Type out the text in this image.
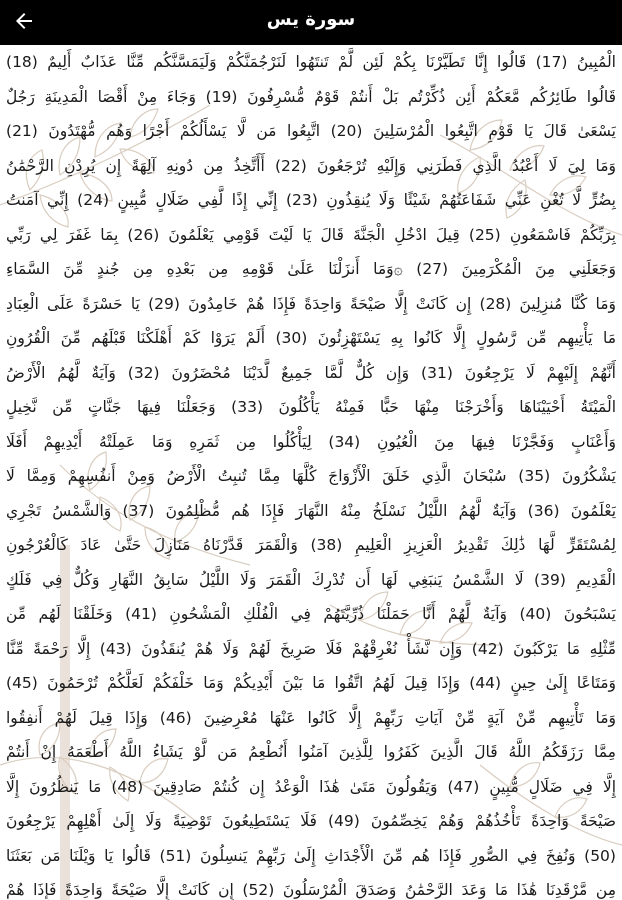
سورة يس
الْمُبِينُ (17) قَالُوا إِنَّا تَطَيَّرْنَا بِكُمْ لَئِن لَّمْ تَنتَهُوا لَنَرْجُمَنَّكُمْ وَلَيَمَسَّنَّكُم مِّنَّا عَذَابٌ أَلِيمٌ (18)
قَالُوا طَائِرُكُم مَّعَكُمْ أَئِن ذُكِّرْتُم بَلْ أَنتُمْ قَوْمٌ مُّسْرِفُونَ (19) وَجَاءَ مِنْ أَقْصَا الْمَدِينَةِ رَجُلٌ
يَسْعَىٰ قَالَ يَا قَوْمِ اتَّبِعُوا الْمُرْسَلِينَ (20) اتَّبِعُوا مَن لَّا يَسْأَلُكُمْ أَجْرًا وَهُم مُّهْتَدُونَ (21)
وَمَا لِيَ لَا أَعْبُدُ الَّذِي فَطَرَنِي وَإِلَيْهِ تُرْجَعُونَ (22) أَأَتَّخِذُ مِن دُونِهِ آلِهَةً إِن يُرِدْنِ الرَّحْمَٰنُ
بِضُرٍّ لَّا تُغْنِ عَنِّي شَفَاعَتُهُمْ شَيْئًا وَلَا يُنقِذُونِ (23) إِنِّي إِذًا لَّفِي ضَلَالٍ مُّبِينٍ (24) إِنِّي آمَنتُ
بِرَبِّكُمْ فَاسْمَعُونِ (25) قِيلَ ادْخُلِ الْجَنَّةَ قَالَ يَا لَيْتَ قَوْمِي يَعْلَمُونَ (26) بِمَا غَفَرَ لِي رَبِّي
وَجَعَلَنِي مِنَ الْمُكْرَمِينَ (27) ۞وَمَا أَنزَلْنَا عَلَىٰ قَوْمِهِ مِن بَعْدِهِ مِن جُندٍ مِّنَ السَّمَاءِ
وَمَا كُنَّا مُنزِلِينَ (28) إِن كَانَتْ إِلَّا صَيْحَةً وَاحِدَةً فَإِذَا هُمْ خَامِدُونَ (29) يَا حَسْرَةً عَلَى الْعِبَادِ
مَا يَأْتِيهِم مِّن رَّسُولٍ إِلَّا كَانُوا بِهِ يَسْتَهْزِئُونَ (30) أَلَمْ يَرَوْا كَمْ أَهْلَكْنَا قَبْلَهُم مِّنَ الْقُرُونِ
أَنَّهُمْ إِلَيْهِمْ لَا يَرْجِعُونَ (31) وَإِن كُلٌّ لَّمَّا جَمِيعٌ لَّدَيْنَا مُحْضَرُونَ (32) وَآيَةٌ لَّهُمُ الْأَرْضُ
الْمَيْتَةُ أَحْيَيْنَاهَا وَأَخْرَجْنَا مِنْهَا حَبًّا فَمِنْهُ يَأْكُلُونَ (33) وَجَعَلْنَا فِيهَا جَنَّاتٍ مِّن نَّخِيلٍ
وَأَعْنَابٍ وَفَجَّرْنَا فِيهَا مِنَ الْعُيُونِ (34) لِيَأْكُلُوا مِن ثَمَرِهِ وَمَا عَمِلَتْهُ أَيْدِيهِمْ أَفَلَا
يَشْكُرُونَ (35) سُبْحَانَ الَّذِي خَلَقَ الْأَزْوَاجَ كُلَّهَا مِمَّا تُنبِتُ الْأَرْضُ وَمِنْ أَنفُسِهِمْ وَمِمَّا لَا
يَعْلَمُونَ (36) وَآيَةٌ لَّهُمُ اللَّيْلُ نَسْلَخُ مِنْهُ النَّهَارَ فَإِذَا هُم مُّظْلِمُونَ (37) وَالشَّمْسُ تَجْرِي
لِمُسْتَقَرٍّ لَّهَا ذَٰلِكَ تَقْدِيرُ الْعَزِيزِ الْعَلِيمِ (38) وَالْقَمَرَ قَدَّرْنَاهُ مَنَازِلَ حَتَّىٰ عَادَ كَالْعُرْجُونِ
الْقَدِيمِ (39) لَا الشَّمْسُ يَنبَغِي لَهَا أَن تُدْرِكَ الْقَمَرَ وَلَا اللَّيْلُ سَابِقُ النَّهَارِ وَكُلٌّ فِي فَلَكٍ
يَسْبَحُونَ (40) وَآيَةٌ لَّهُمْ أَنَّا حَمَلْنَا ذُرِّيَّتَهُمْ فِي الْفُلْكِ الْمَشْحُونِ (41) وَخَلَقْنَا لَهُم مِّن
مِّثْلِهِ مَا يَرْكَبُونَ (42) وَإِن نَّشَأْ نُغْرِقْهُمْ فَلَا صَرِيخَ لَهُمْ وَلَا هُمْ يُنقَذُونَ (43) إِلَّا رَحْمَةً مِّنَّا
وَمَتَاعًا إِلَىٰ حِينٍ (44) وَإِذَا قِيلَ لَهُمُ اتَّقُوا مَا بَيْنَ أَيْدِيكُمْ وَمَا خَلْفَكُمْ لَعَلَّكُمْ تُرْحَمُونَ (45)
وَمَا تَأْتِيهِم مِّنْ آيَةٍ مِّنْ آيَاتِ رَبِّهِمْ إِلَّا كَانُوا عَنْهَا مُعْرِضِينَ (46) وَإِذَا قِيلَ لَهُمْ أَنفِقُوا
مِمَّا رَزَقَكُمُ اللَّهُ قَالَ الَّذِينَ كَفَرُوا لِلَّذِينَ آمَنُوا أَنُطْعِمُ مَن لَّوْ يَشَاءُ اللَّهُ أَطْعَمَهُ إِنْ أَنتُمْ
إِلَّا فِي ضَلَالٍ مُّبِينٍ (47) وَيَقُولُونَ مَتَىٰ هَٰذَا الْوَعْدُ إِن كُنتُمْ صَادِقِينَ (48) مَا يَنظُرُونَ إِلَّا
صَيْحَةً وَاحِدَةً تَأْخُذُهُمْ وَهُمْ يَخِصِّمُونَ (49) فَلَا يَسْتَطِيعُونَ تَوْصِيَةً وَلَا إِلَىٰ أَهْلِهِمْ يَرْجِعُونَ
(50) وَنُفِخَ فِي الصُّورِ فَإِذَا هُم مِّنَ الْأَجْدَاثِ إِلَىٰ رَبِّهِمْ يَنسِلُونَ (51) قَالُوا يَا وَيْلَنَا مَن بَعَثَنَا
مِن مَّرْقَدِنَا هَٰذَا مَا وَعَدَ الرَّحْمَٰنُ وَصَدَقَ الْمُرْسَلُونَ (52) إِن كَانَتْ إِلَّا صَيْحَةً وَاحِدَةً فَإِذَا هُمْ
